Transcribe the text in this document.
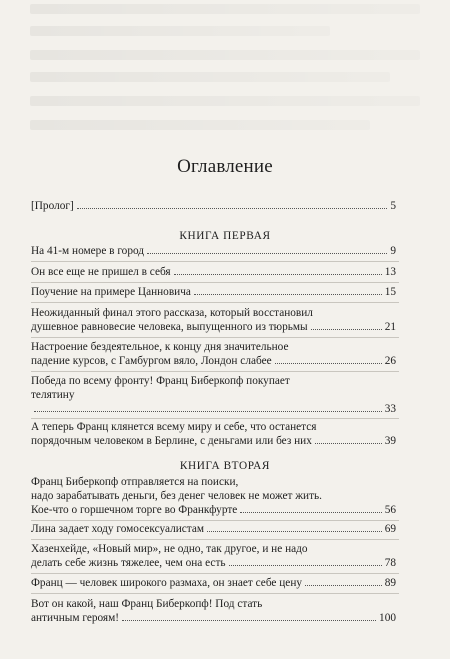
Оглавление
[Пролог]	5
КНИГА ПЕРВАЯ
На 41-м номере в город	9
Он все еще не пришел в себя	13
Поучение на примере Цанновича	15
Неожиданный финал этого рассказа, который восстановил
душевное равновесие человека, выпущенного из тюрьмы	21
Настроение бездеятельное, к концу дня значительное
падение курсов, с Гамбургом вяло, Лондон слабее	26
Победа по всему фронту! Франц Биберкопф покупает
телятину
33
А теперь Франц клянется всему миру и себе, что останется
порядочным человеком в Берлине, с деньгами или без них	39
КНИГА ВТОРАЯ
Франц Биберкопф отправляется на поиски,
надо зарабатывать деньги, без денег человек не может жить.
Кое-что о горшечном торге во Франкфурте	56
Лина задает ходу гомосексуалистам	69
Хазенхейде, «Новый мир», не одно, так другое, и не надо
делать себе жизнь тяжелее, чем она есть	78
Франц — человек широкого размаха, он знает себе цену	89
Вот он какой, наш Франц Биберкопф! Под стать
античным героям!	100
